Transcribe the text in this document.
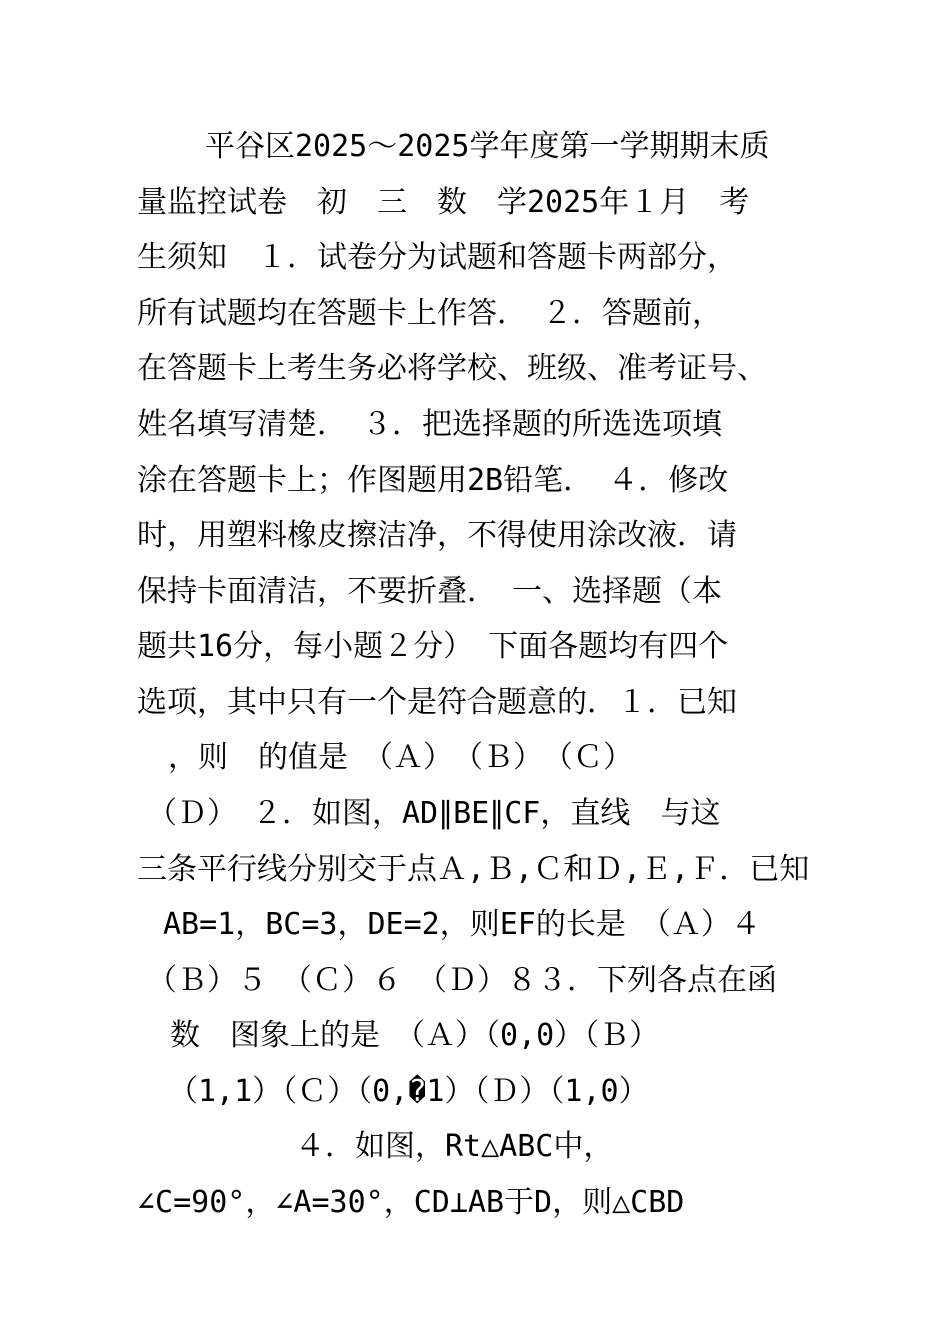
平谷区2025～2025学年度第一学期期末质
量监控试卷　初　三　数　学2025年１月　考
生须知　１．试卷分为试题和答题卡两部分，
所有试题均在答题卡上作答．　２．答题前，
在答题卡上考生务必将学校、班级、准考证号、
姓名填写清楚．　３．把选择题的所选选项填
涂在答题卡上；作图题用2B铅笔．　４．修改
时，用塑料橡皮擦洁净，不得使用涂改液．请
保持卡面清洁，不要折叠．　一、选择题（本
题共16分，每小题２分）　下面各题均有四个
选项，其中只有一个是符合题意的．１．已知
，则　的值是　（Ａ）　（Ｂ）　（Ｃ）
（Ｄ）　２．如图，AD∥BE∥CF，直线　与这
三条平行线分别交于点Ａ,Ｂ,Ｃ和Ｄ,Ｅ,Ｆ．已知
AB=1，BC=3，DE=2，则EF的长是　（Ａ）４
（Ｂ）５　（Ｃ）６　（Ｄ）８３．下列各点在函
数　图象上的是　（Ａ）（0,0）（Ｂ）
（1,1）（Ｃ）（0,�1）（Ｄ）（1,0）
４．如图，Rt△ABC中，
∠C=90°，∠A=30°，CD⊥AB于D，则△CBD
